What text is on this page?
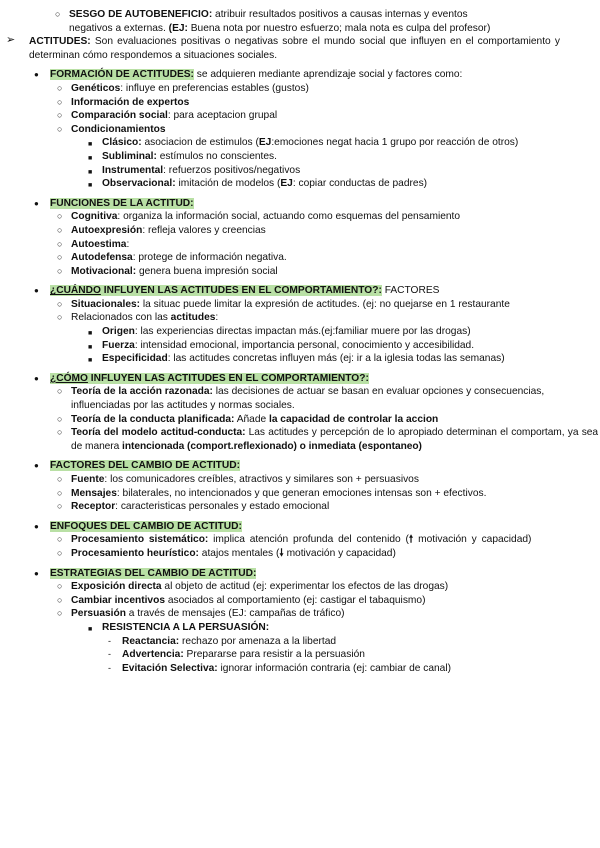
○ SESGO DE AUTOBENEFICIO: atribuir resultados positivos a causas internas y eventos
negativos a externas. (EJ: Buena nota por nuestro esfuerzo; mala nota es culpa del profesor)
➢ ACTITUDES: Son evaluaciones positivas o negativas sobre el mundo social que influyen en el comportamiento y determinan cómo respondemos a situaciones sociales.
● FORMACIÓN DE ACTITUDES: se adquieren mediante aprendizaje social y factores como:
○ Genéticos: influye en preferencias estables (gustos)
○ Información de expertos
○ Comparación social: para aceptacion grupal
○ Condicionamientos
■ Clásico: asociacion de estimulos (EJ:emociones negat hacia 1 grupo por reacción de otros)
■ Subliminal: estímulos no conscientes.
■ Instrumental: refuerzos positivos/negativos
■ Observacional: imitación de modelos (EJ: copiar conductas de padres)
● FUNCIONES DE LA ACTITUD:
○ Cognitiva: organiza la información social, actuando como esquemas del pensamiento
○ Autoexpresión: refleja valores y creencias
○ Autoestima:
○ Autodefensa: protege de información negativa.
○ Motivacional: genera buena impresión social
● ¿CUÁNDO INFLUYEN LAS ACTITUDES EN EL COMPORTAMIENTO?: FACTORES
○ Situacionales: la situac puede limitar la expresión de actitudes. (ej: no quejarse en 1 restaurante
○ Relacionados con las actitudes:
■ Origen: las experiencias directas impactan más.(ej:familiar muere por las drogas)
■ Fuerza: intensidad emocional, importancia personal, conocimiento y accesibilidad.
■ Especificidad: las actitudes concretas influyen más (ej: ir a la iglesia todas las semanas)
● ¿CÓMO INFLUYEN LAS ACTITUDES EN EL COMPORTAMIENTO?:
○ Teoría de la acción razonada: las decisiones de actuar se basan en evaluar opciones y consecuencias, influenciadas por las actitudes y normas sociales.
○ Teoría de la conducta planificada: Añade la capacidad de controlar la accion
○ Teoría del modelo actitud-conducta: Las actitudes y percepción de lo apropiado determinan el comportam, ya sea de manera intencionada (comport.reflexionado) o inmediata (espontaneo)
● FACTORES DEL CAMBIO DE ACTITUD:
○ Fuente: los comunicadores creíbles, atractivos y similares son + persuasivos
○ Mensajes: bilaterales, no intencionados y que generan emociones intensas son + efectivos.
○ Receptor: caracteristicas personales y estado emocional
● ENFOQUES DEL CAMBIO DE ACTITUD:
○ Procesamiento sistemático: implica atención profunda del contenido (🠕 motivación y capacidad)
○ Procesamiento heurístico: atajos mentales (🠗 motivación y capacidad)
● ESTRATEGIAS DEL CAMBIO DE ACTITUD:
○ Exposición directa al objeto de actitud (ej: experimentar los efectos de las drogas)
○ Cambiar incentivos asociados al comportamiento (ej: castigar el tabaquismo)
○ Persuasión a través de mensajes (EJ: campañas de tráfico)
■ RESISTENCIA A LA PERSUASIÓN:
- Reactancia: rechazo por amenaza a la libertad
- Advertencia: Prepararse para resistir a la persuasión
- Evitación Selectiva: ignorar información contraria (ej: cambiar de canal)
